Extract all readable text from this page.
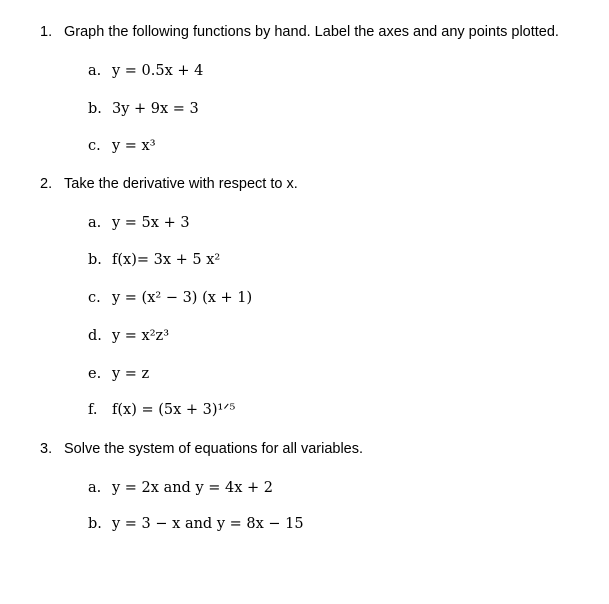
1. Graph the following functions by hand. Label the axes and any points plotted.
a. y = 0.5x + 4
b. 3y + 9x = 3
c. y = x³
2. Take the derivative with respect to x.
a. y = 5x + 3
b. f(x)= 3x + 5 x²
c. y = (x² − 3) (x + 1)
d. y = x²z³
e. y = z
f. f(x) = (5x + 3)¹ᐟ⁵
3. Solve the system of equations for all variables.
a. y = 2x and y = 4x + 2
b. y = 3 − x and y = 8x − 15
